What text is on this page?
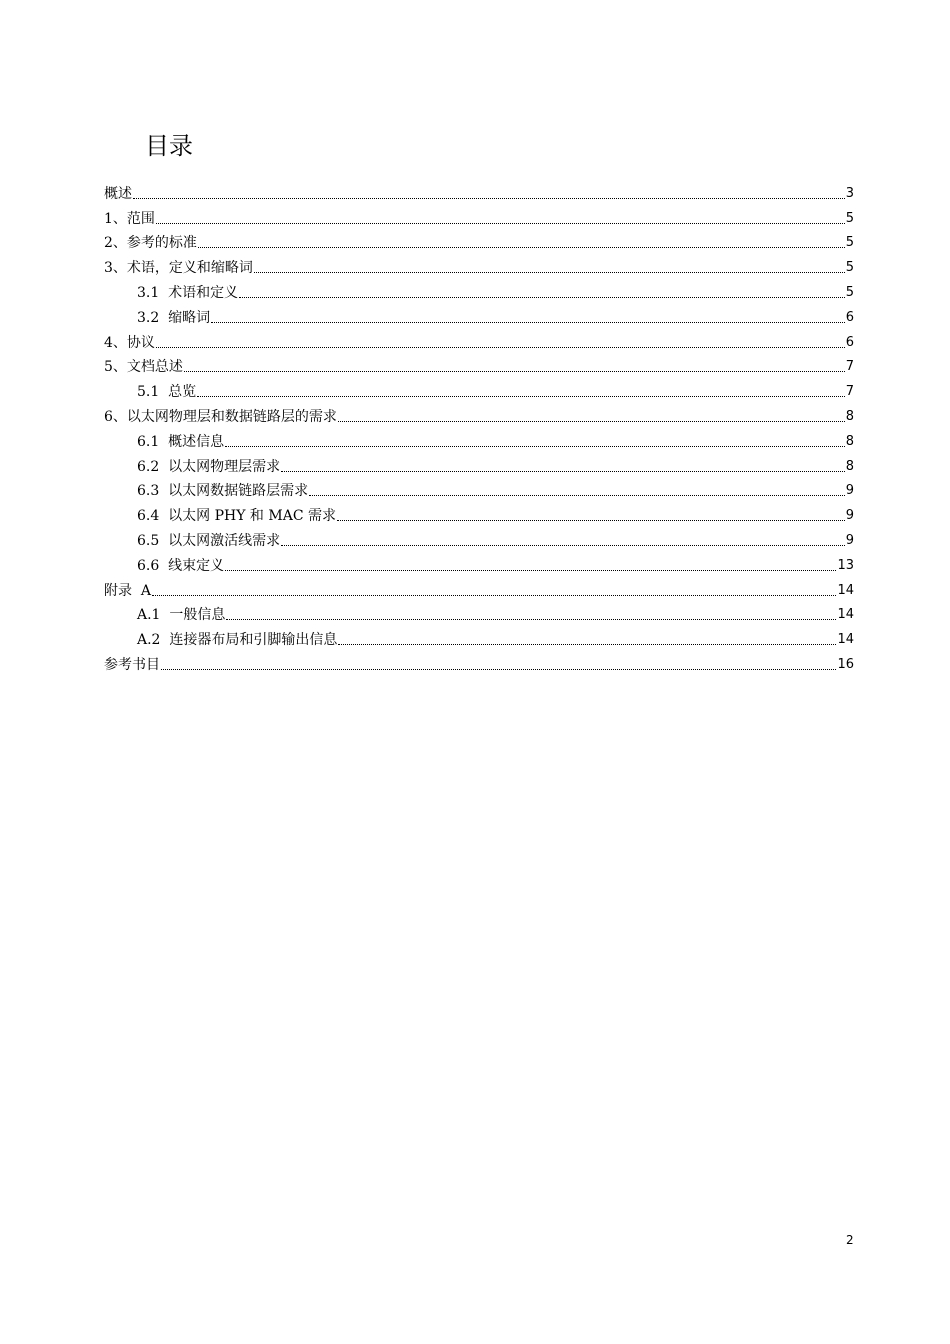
目录
概述	3
1、范围	5
2、参考的标准	5
3、术语，定义和缩略词	5
3.1  术语和定义	5
3.2  缩略词	6
4、协议	6
5、文档总述	7
5.1  总览	7
6、以太网物理层和数据链路层的需求	8
6.1  概述信息	8
6.2  以太网物理层需求	8
6.3  以太网数据链路层需求	9
6.4  以太网 PHY 和 MAC 需求	9
6.5  以太网激活线需求	9
6.6  线束定义	13
附录  A	14
A.1  一般信息	14
A.2  连接器布局和引脚输出信息	14
参考书目	16
2
